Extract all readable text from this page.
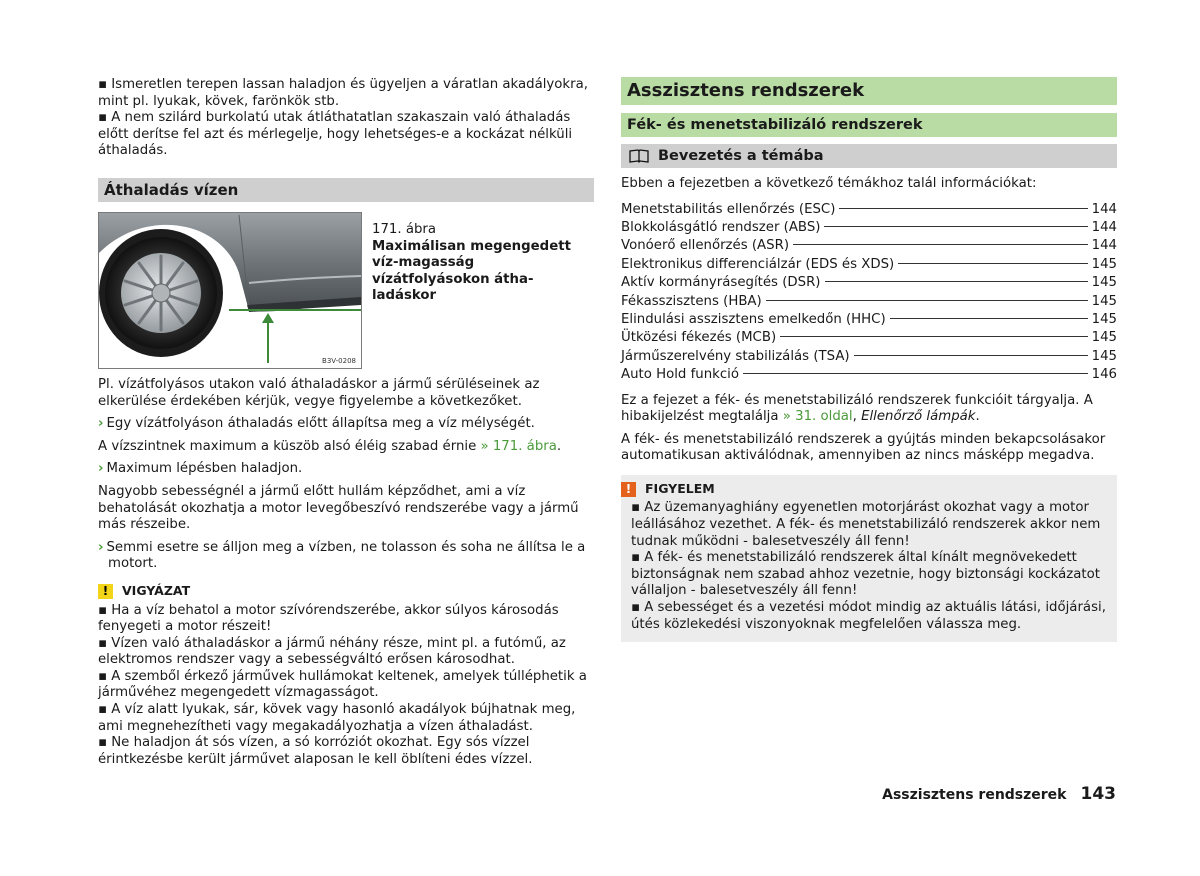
▪ Ismeretlen terepen lassan haladjon és ügyeljen a váratlan akadályokra, mint pl. lyukak, kövek, farönkök stb.

▪ A nem szilárd burkolatú utak átláthatatlan szakaszain való áthaladás előtt derítse fel azt és mérlegelje, hogy lehetséges-e a kockázat nélküli áthaladás.

Áthaladás vízen
B3V-0208
171. ábra
Maximálisan megengedett víz-magasság vízátfolyásokon átha-ladáskor

Pl. vízátfolyásos utakon való áthaladáskor a jármű sérüléseinek az elkerülése érdekében kérjük, vegye figyelembe a következőket.

› Egy vízátfolyáson áthaladás előtt állapítsa meg a víz mélységét.

A vízszintnek maximum a küszöb alsó éléig szabad érnie » 171. ábra.

› Maximum lépésben haladjon.

Nagyobb sebességnél a jármű előtt hullám képződhet, ami a víz behatolását okozhatja a motor levegőbeszívó rendszerébe vagy a jármű más részeibe.

› Semmi esetre se álljon meg a vízben, ne tolasson és soha ne állítsa le a motort.

!	VIGYÁZAT

▪ Ha a víz behatol a motor szívórendszerébe, akkor súlyos károsodás fenyegeti a motor részeit!

▪ Vízen való áthaladáskor a jármű néhány része, mint pl. a futómű, az elektromos rendszer vagy a sebességváltó erősen károsodhat.

▪ A szemből érkező járművek hullámokat keltenek, amelyek túlléphetik a járművéhez megengedett vízmagasságot.

▪ A víz alatt lyukak, sár, kövek vagy hasonló akadályok bújhatnak meg, ami megnehezítheti vagy megakadályozhatja a vízen áthaladást.

▪ Ne haladjon át sós vízen, a só korróziót okozhat. Egy sós vízzel érintkezésbe került járművet alaposan le kell öblíteni édes vízzel.

Asszisztens rendszerek
Fék- és menetstabilizáló rendszerek
Bevezetés a témába

Ebben a fejezetben a következő témákhoz talál információkat:

Menetstabilitás ellenőrzés (ESC)	144
Blokkolásgátló rendszer (ABS)	144
Vonóerő ellenőrzés (ASR)	144
Elektronikus differenciálzár (EDS és XDS)	145
Aktív kormányrásegítés (DSR)	145
Fékasszisztens (HBA)	145
Elindulási asszisztens emelkedőn (HHC)	145
Ütközési fékezés (MCB)	145
Járműszerelvény stabilizálás (TSA)	145
Auto Hold funkció	146

Ez a fejezet a fék- és menetstabilizáló rendszerek funkcióit tárgyalja. A hibakijelzést megtalálja » 31. oldal, Ellenőrző lámpák.

A fék- és menetstabilizáló rendszerek a gyújtás minden bekapcsolásakor automatikusan aktiválódnak, amennyiben az nincs másképp megadva.

!	FIGYELEM

▪ Az üzemanyaghiány egyenetlen motorjárást okozhat vagy a motor leállásához vezethet. A fék- és menetstabilizáló rendszerek akkor nem tudnak működni - balesetveszély áll fenn!

▪ A fék- és menetstabilizáló rendszerek által kínált megnövekedett biztonságnak nem szabad ahhoz vezetnie, hogy biztonsági kockázatot vállaljon - balesetveszély áll fenn!

▪ A sebességet és a vezetési módot mindig az aktuális látási, időjárási, útés közlekedési viszonyoknak megfelelően válassza meg.

Asszisztens rendszerek 143
